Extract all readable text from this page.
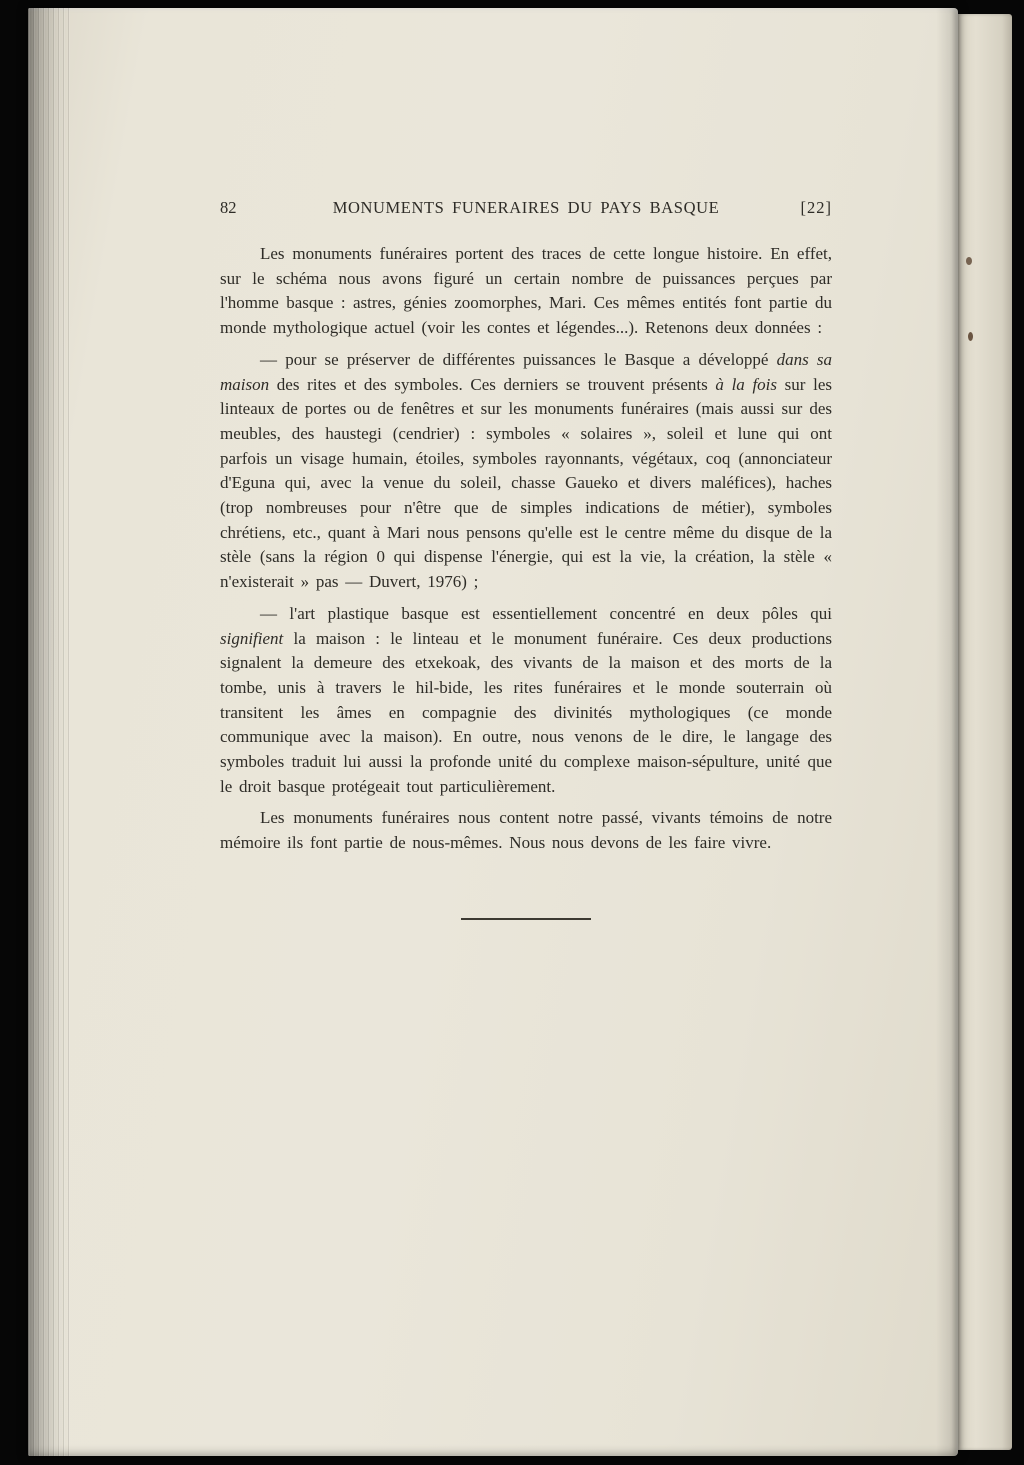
82	MONUMENTS FUNERAIRES DU PAYS BASQUE	[22]

Les monuments funéraires portent des traces de cette longue histoire. En effet, sur le schéma nous avons figuré un certain nombre de puissances perçues par l'homme basque : astres, génies zoomorphes, Mari. Ces mêmes entités font partie du monde mythologique actuel (voir les contes et légendes...). Retenons deux données :

— pour se préserver de différentes puissances le Basque a développé dans sa maison des rites et des symboles. Ces derniers se trouvent présents à la fois sur les linteaux de portes ou de fenêtres et sur les monuments funéraires (mais aussi sur des meubles, des haustegi (cendrier) : symboles « solaires », soleil et lune qui ont parfois un visage humain, étoiles, symboles rayonnants, végétaux, coq (annonciateur d'Eguna qui, avec la venue du soleil, chasse Gaueko et divers maléfices), haches (trop nombreuses pour n'être que de simples indications de métier), symboles chrétiens, etc., quant à Mari nous pensons qu'elle est le centre même du disque de la stèle (sans la région 0 qui dispense l'énergie, qui est la vie, la création, la stèle « n'existerait » pas — Duvert, 1976) ;

— l'art plastique basque est essentiellement concentré en deux pôles qui signifient la maison : le linteau et le monument funéraire. Ces deux productions signalent la demeure des etxekoak, des vivants de la maison et des morts de la tombe, unis à travers le hil-bide, les rites funéraires et le monde souterrain où transitent les âmes en compagnie des divinités mythologiques (ce monde communique avec la maison). En outre, nous venons de le dire, le langage des symboles traduit lui aussi la profonde unité du complexe maison-sépulture, unité que le droit basque protégeait tout particulièrement.

Les monuments funéraires nous content notre passé, vivants témoins de notre mémoire ils font partie de nous-mêmes. Nous nous devons de les faire vivre.
